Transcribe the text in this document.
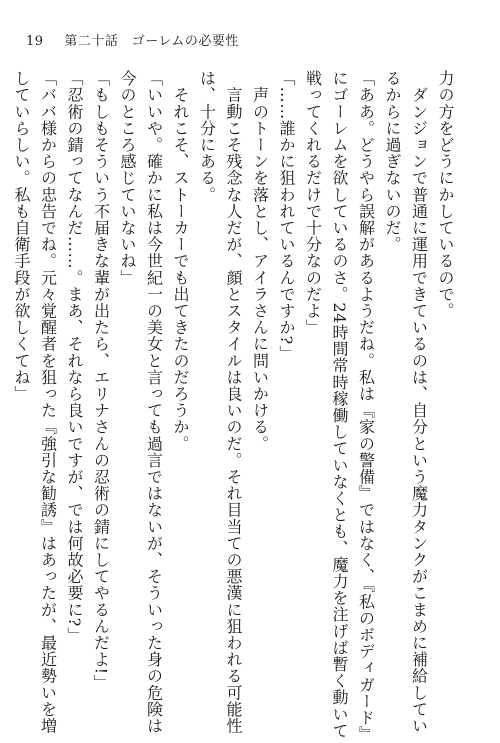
19 第二十話　ゴーレムの必要性
力の方をどうにかしているので。
　ダンジョンで普通に運用できているのは、自分という魔力タンクがこまめに補給してい
るからに過ぎないのだ。
「ああ。どうやら誤解があるようだね。私は『家の警備』ではなく、『私のボディガード』
にゴーレムを欲しているのさ。24時間常時稼働していなくとも、魔力を注げば暫く動いて
戦ってくれるだけで十分なのだよ」
「……誰かに狙われているんですか?」
　声のトーンを落とし、アイラさんに問いかける。
　言動こそ残念な人だが、顔とスタイルは良いのだ。それ目当ての悪漢に狙われる可能性
は、十分にある。
　それこそ、ストーカーでも出てきたのだろうか。
「いいや。確かに私は今世紀一の美女と言っても過言ではないが、そういった身の危険は
今のところ感じていないね」
「もしもそういう不届きな輩が出たら、エリナさんの忍術の錆にしてやるんだよ!」
「忍術の錆ってなんだ……。まあ、それなら良いですが、では何故必要に?」
「ババ様からの忠告でね。元々覚醒者を狙った『強引な勧誘』はあったが、最近勢いを増
していらしい。私も自衛手段が欲しくてね」
